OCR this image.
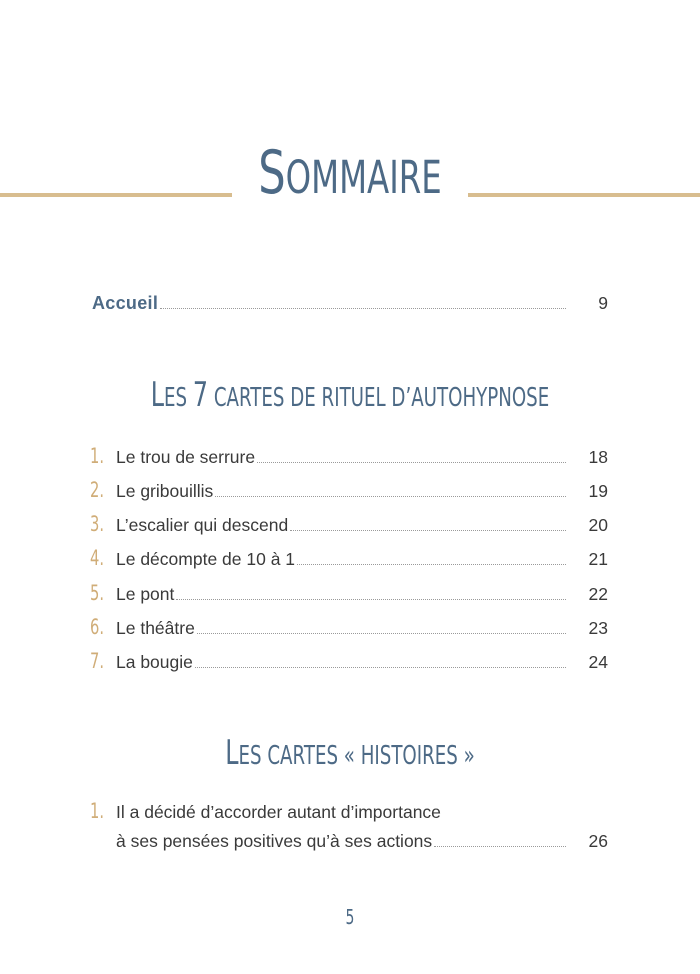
SOMMAIRE
Accueil	9
LES 7 CARTES DE RITUEL D’AUTOHYPNOSE
1. Le trou de serrure	18
2. Le gribouillis	19
3. L’escalier qui descend	20
4. Le décompte de 10 à 1	21
5. Le pont	22
6. Le théâtre	23
7. La bougie	24
LES CARTES « HISTOIRES »
1. Il a décidé d’accorder autant d’importance
à ses pensées positives qu’à ses actions	26
5
